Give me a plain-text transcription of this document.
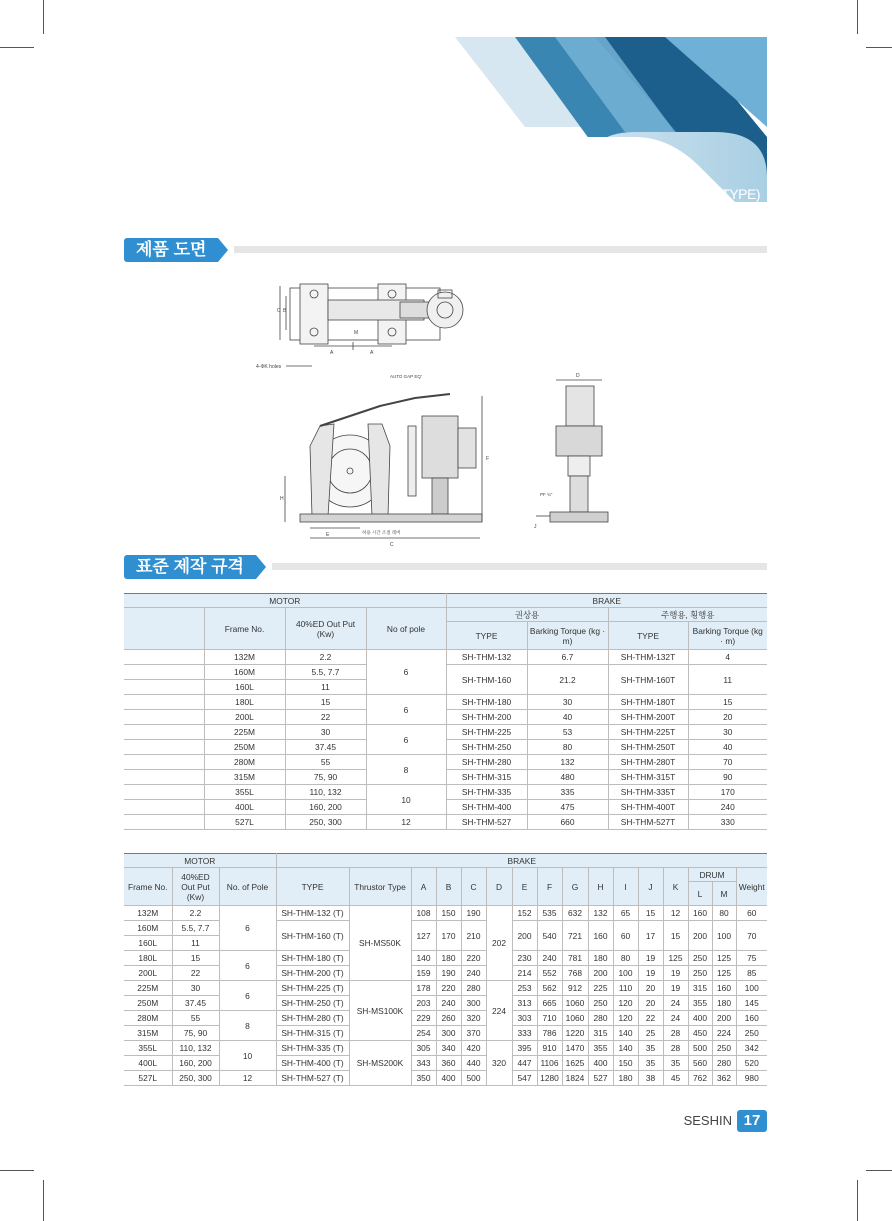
SH-TH-BRAKE(MAGNETIC TYPE)
제품 도면
C B
M
A	A
4-ΦK holes
AUTO GAP EQ'
H
F
E
C
허용 시간 조절 레버
D
PF ¾"
J
표준 제작 규격
MOTOR				BRAKE			
	Frame No.	40%ED Out Put (Kw)	No of pole	권상용		주행용, 횡행용	
				TYPE	Barking Torque (kg · m)	TYPE	Barking Torque (kg · m)
	132M	2.2	6	SH-THM-132	6.7	SH-THM-132T	4
	160M	5.5, 7.7		SH-THM-160	21.2	SH-THM-160T	11
	160L	11					
	180L	15	6	SH-THM-180	30	SH-THM-180T	15
	200L	22		SH-THM-200	40	SH-THM-200T	20
	225M	30	6	SH-THM-225	53	SH-THM-225T	30
	250M	37.45		SH-THM-250	80	SH-THM-250T	40
	280M	55	8	SH-THM-280	132	SH-THM-280T	70
	315M	75, 90		SH-THM-315	480	SH-THM-315T	90
	355L	110, 132	10	SH-THM-335	335	SH-THM-335T	170
	400L	160, 200		SH-THM-400	475	SH-THM-400T	240
	527L	250, 300	12	SH-THM-527	660	SH-THM-527T	330
MOTOR			BRAKE															
Frame No.	40%ED Out Put (Kw)	No. of Pole	TYPE	Thrustor Type	A	B	C	D	E	F	G	H	I	J	K	DRUM		Weight
																L	M	
132M	2.2	6	SH-THM-132 (T)	SH-MS50K	108	150	190	202	152	535	632	132	65	15	12	160	80	60
160M	5.5, 7.7		SH-THM-160 (T)		127	170	210		200	540	721	160	60	17	15	200	100	70
160L	11																	
180L	15	6	SH-THM-180 (T)		140	180	220		230	240	781	180	80	19	125	250	125	75
200L	22		SH-THM-200 (T)		159	190	240		214	552	768	200	100	19	19	250	125	85
225M	30	6	SH-THM-225 (T)	SH-MS100K	178	220	280	224	253	562	912	225	110	20	19	315	160	100
250M	37.45		SH-THM-250 (T)		203	240	300		313	665	1060	250	120	20	24	355	180	145
280M	55	8	SH-THM-280 (T)		229	260	320		303	710	1060	280	120	22	24	400	200	160
315M	75, 90		SH-THM-315 (T)		254	300	370		333	786	1220	315	140	25	28	450	224	250
355L	110, 132	10	SH-THM-335 (T)	SH-MS200K	305	340	420	320	395	910	1470	355	140	35	28	500	250	342
400L	160, 200		SH-THM-400 (T)		343	360	440		447	1106	1625	400	150	35	35	560	280	520
527L	250, 300	12	SH-THM-527 (T)		350	400	500		547	1280	1824	527	180	38	45	762	362	980
SESHIN 17
